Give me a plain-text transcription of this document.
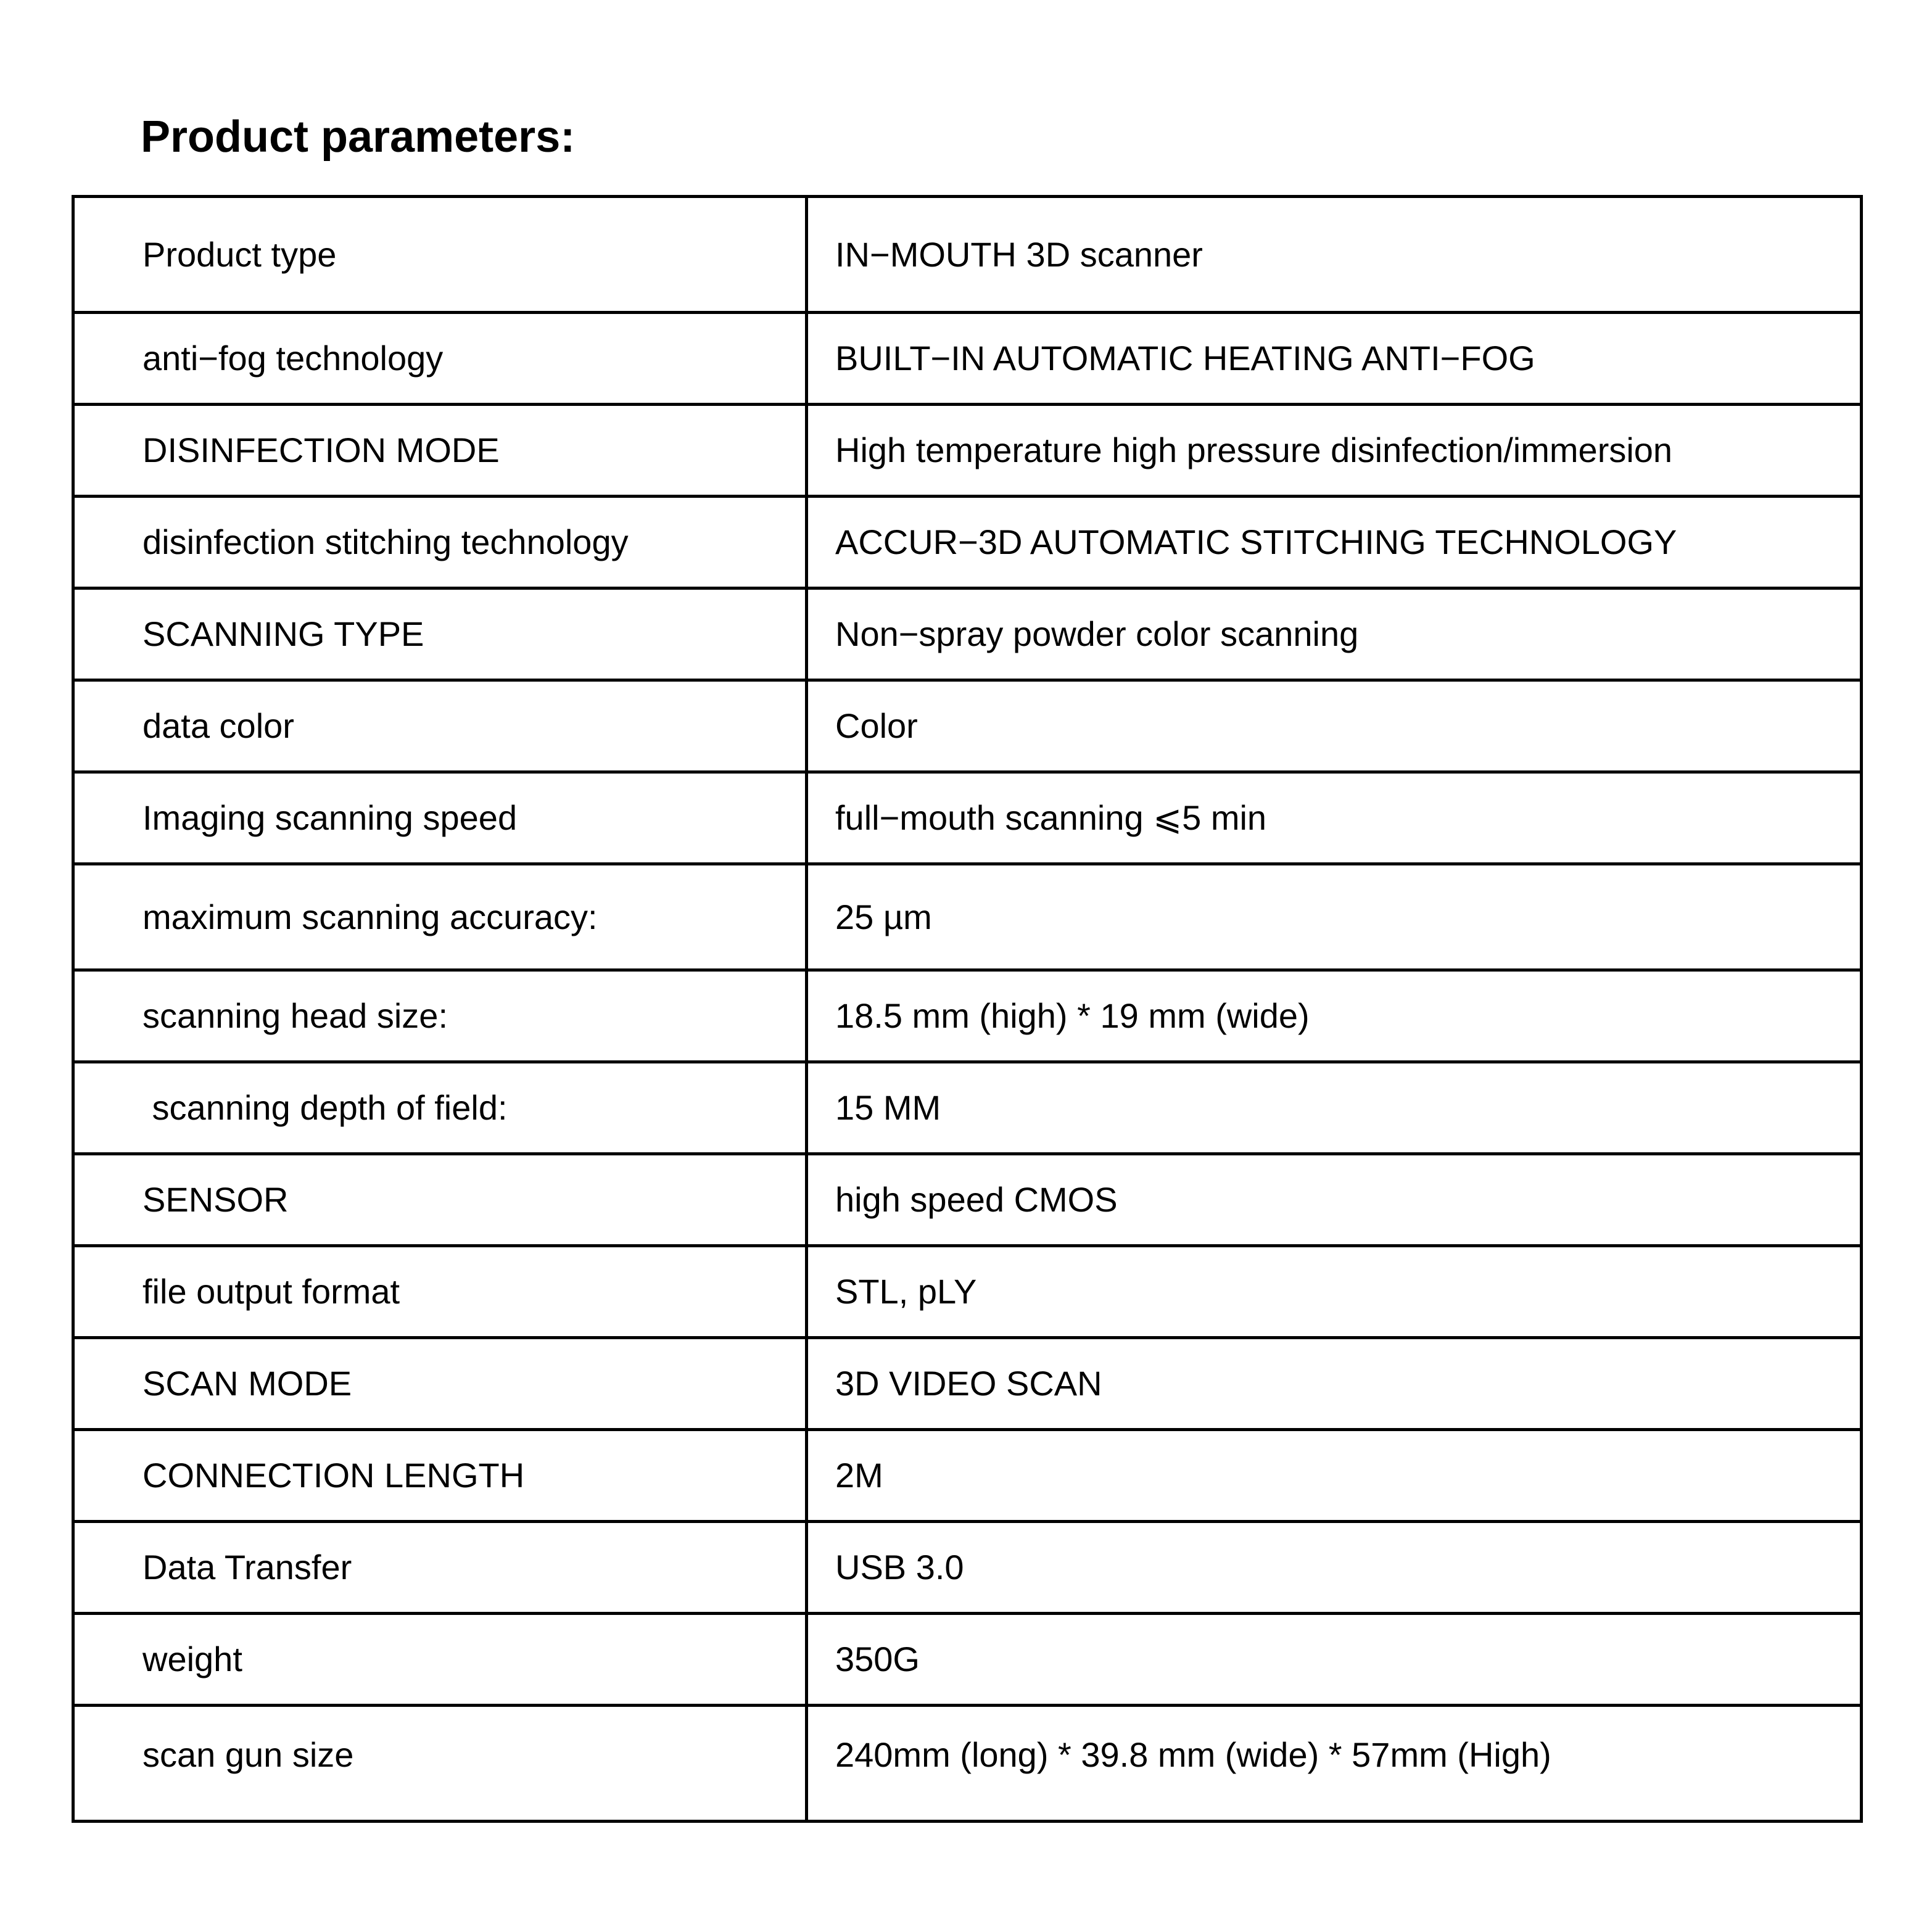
Product parameters:
Product type	IN−MOUTH 3D scanner
anti−fog technology	BUILT−IN AUTOMATIC HEATING ANTI−FOG
DISINFECTION MODE	High temperature high pressure disinfection/immersion
disinfection stitching technology	ACCUR−3D AUTOMATIC STITCHING TECHNOLOGY
SCANNING TYPE	Non−spray powder color scanning
data color	Color
Imaging scanning speed	full−mouth scanning ⩽5 min
maximum scanning accuracy:	25 µm
scanning head size:	18.5 mm (high) * 19 mm (wide)
scanning depth of field:	15 MM
SENSOR	high speed CMOS
file output format	STL, pLY
SCAN MODE	3D VIDEO SCAN
CONNECTION LENGTH	2M
Data Transfer	USB 3.0
weight	350G
scan gun size	240mm (long) * 39.8 mm (wide) * 57mm (High)
